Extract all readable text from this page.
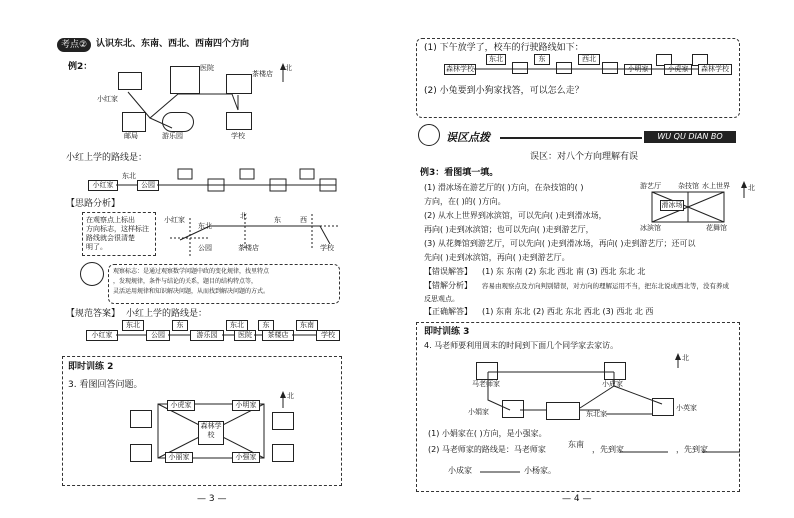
考点② 认识东北、东南、西北、西南四个方向
例2：	医院
茶楼店
小红家
邮局	游乐园	学校
北
小红上学的路线是：
小红家
东北
公园
【思路分析】
在观察点上标出
方向标志，这样标注
路线就会很清楚
明了。
小红家
东北
公园
东
茶楼店	学校
北	西
观察标志：是通过观察数学问题中政的变化规律，找里特点
，发现规律，条件与结论的关系，题目的结构特点等，
灵活运用规律和知识解决问题，从而找到解决问题的方式。
【规范答案】 小红上学的路线是：
小红家
东北
公园
东
游乐园
东北
医院
东
茶楼店
东南
学校
即时训练 2
3. 看图回答问题。
小虎家	小明家
森林学校
小丽家	小强家
北
— 3 —
(1) 下午放学了，校车的行驶路线如下：
森林学校
东北	东	西北
小明家	小虎家	森林学校
(2) 小兔要到小狗家找答，可以怎么走？
误区点拨	WU QU DIAN BO
误区：对八个方向理解有误
例3：看图填一填。
(1) 滑冰场在游艺厅的( )方向，在杂技馆的( )
方向，在( )的( )方向。
(2) 从水上世界到冰滨馆，可以先向( )走到滑冰场，
再向( )走到冰滨馆；也可以先向( )走到游艺厅，
(3) 从花舞馆到游艺厅，可以先向( )走到滑冰场，再向( )走到游艺厅；还可以
先向( )走到冰滨馆，再向( )走到游艺厅。
游艺厅 杂技馆 水上世界
滑冰场
冰滨馆	花舞馆
北
【错误解答】 (1) 东 东南 (2) 东北 西北 南 (3) 西北 东北 北
【错解分析】 容易由观察点及方向判别错误，对方向的理解运用不当，把东北说成西北等，没有养成
反思观点。
【正确解答】 (1) 东南 东北 (2) 西北 东北 西北 (3) 西北 北 西
即时训练 3
4. 马老师要利用周末的时间到下面几个同学家去家访。
马老师家	小成家
小娟家	东北家
小英家
北
(1) 小娟家在( )方向，是小强家。
(2) 马老师家的路线是：马老师家
东南
，先到家	，先到家
小成家	小杨家。
— 4 —
